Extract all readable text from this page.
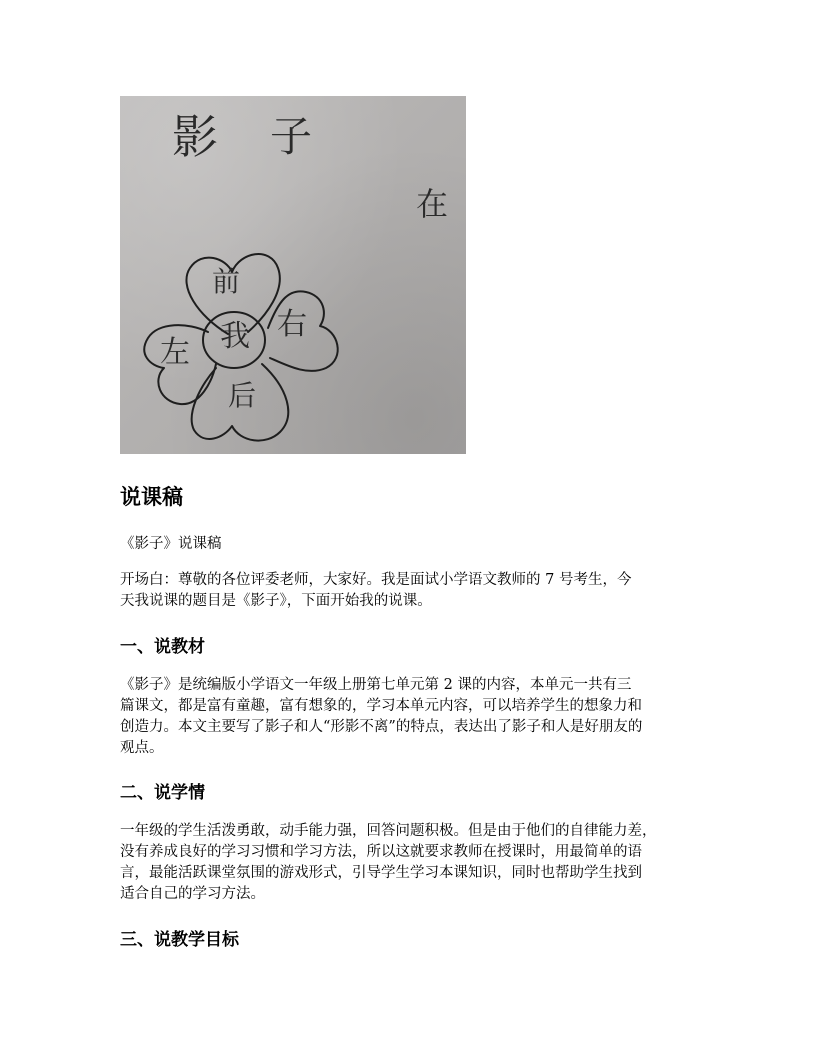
影 子
在
前
我 右
左
后
说课稿

《影子》说课稿

开场白：尊敬的各位评委老师，大家好。我是面试小学语文教师的 7 号考生，今
天我说课的题目是《影子》，下面开始我的说课。

一、说教材

《影子》是统编版小学语文一年级上册第七单元第 2 课的内容，本单元一共有三
篇课文，都是富有童趣，富有想象的，学习本单元内容，可以培养学生的想象力和
创造力。本文主要写了影子和人“形影不离”的特点，表达出了影子和人是好朋友的
观点。

二、说学情

一年级的学生活泼勇敢，动手能力强，回答问题积极。但是由于他们的自律能力差，
没有养成良好的学习习惯和学习方法，所以这就要求教师在授课时，用最简单的语
言，最能活跃课堂氛围的游戏形式，引导学生学习本课知识，同时也帮助学生找到
适合自己的学习方法。

三、说教学目标
